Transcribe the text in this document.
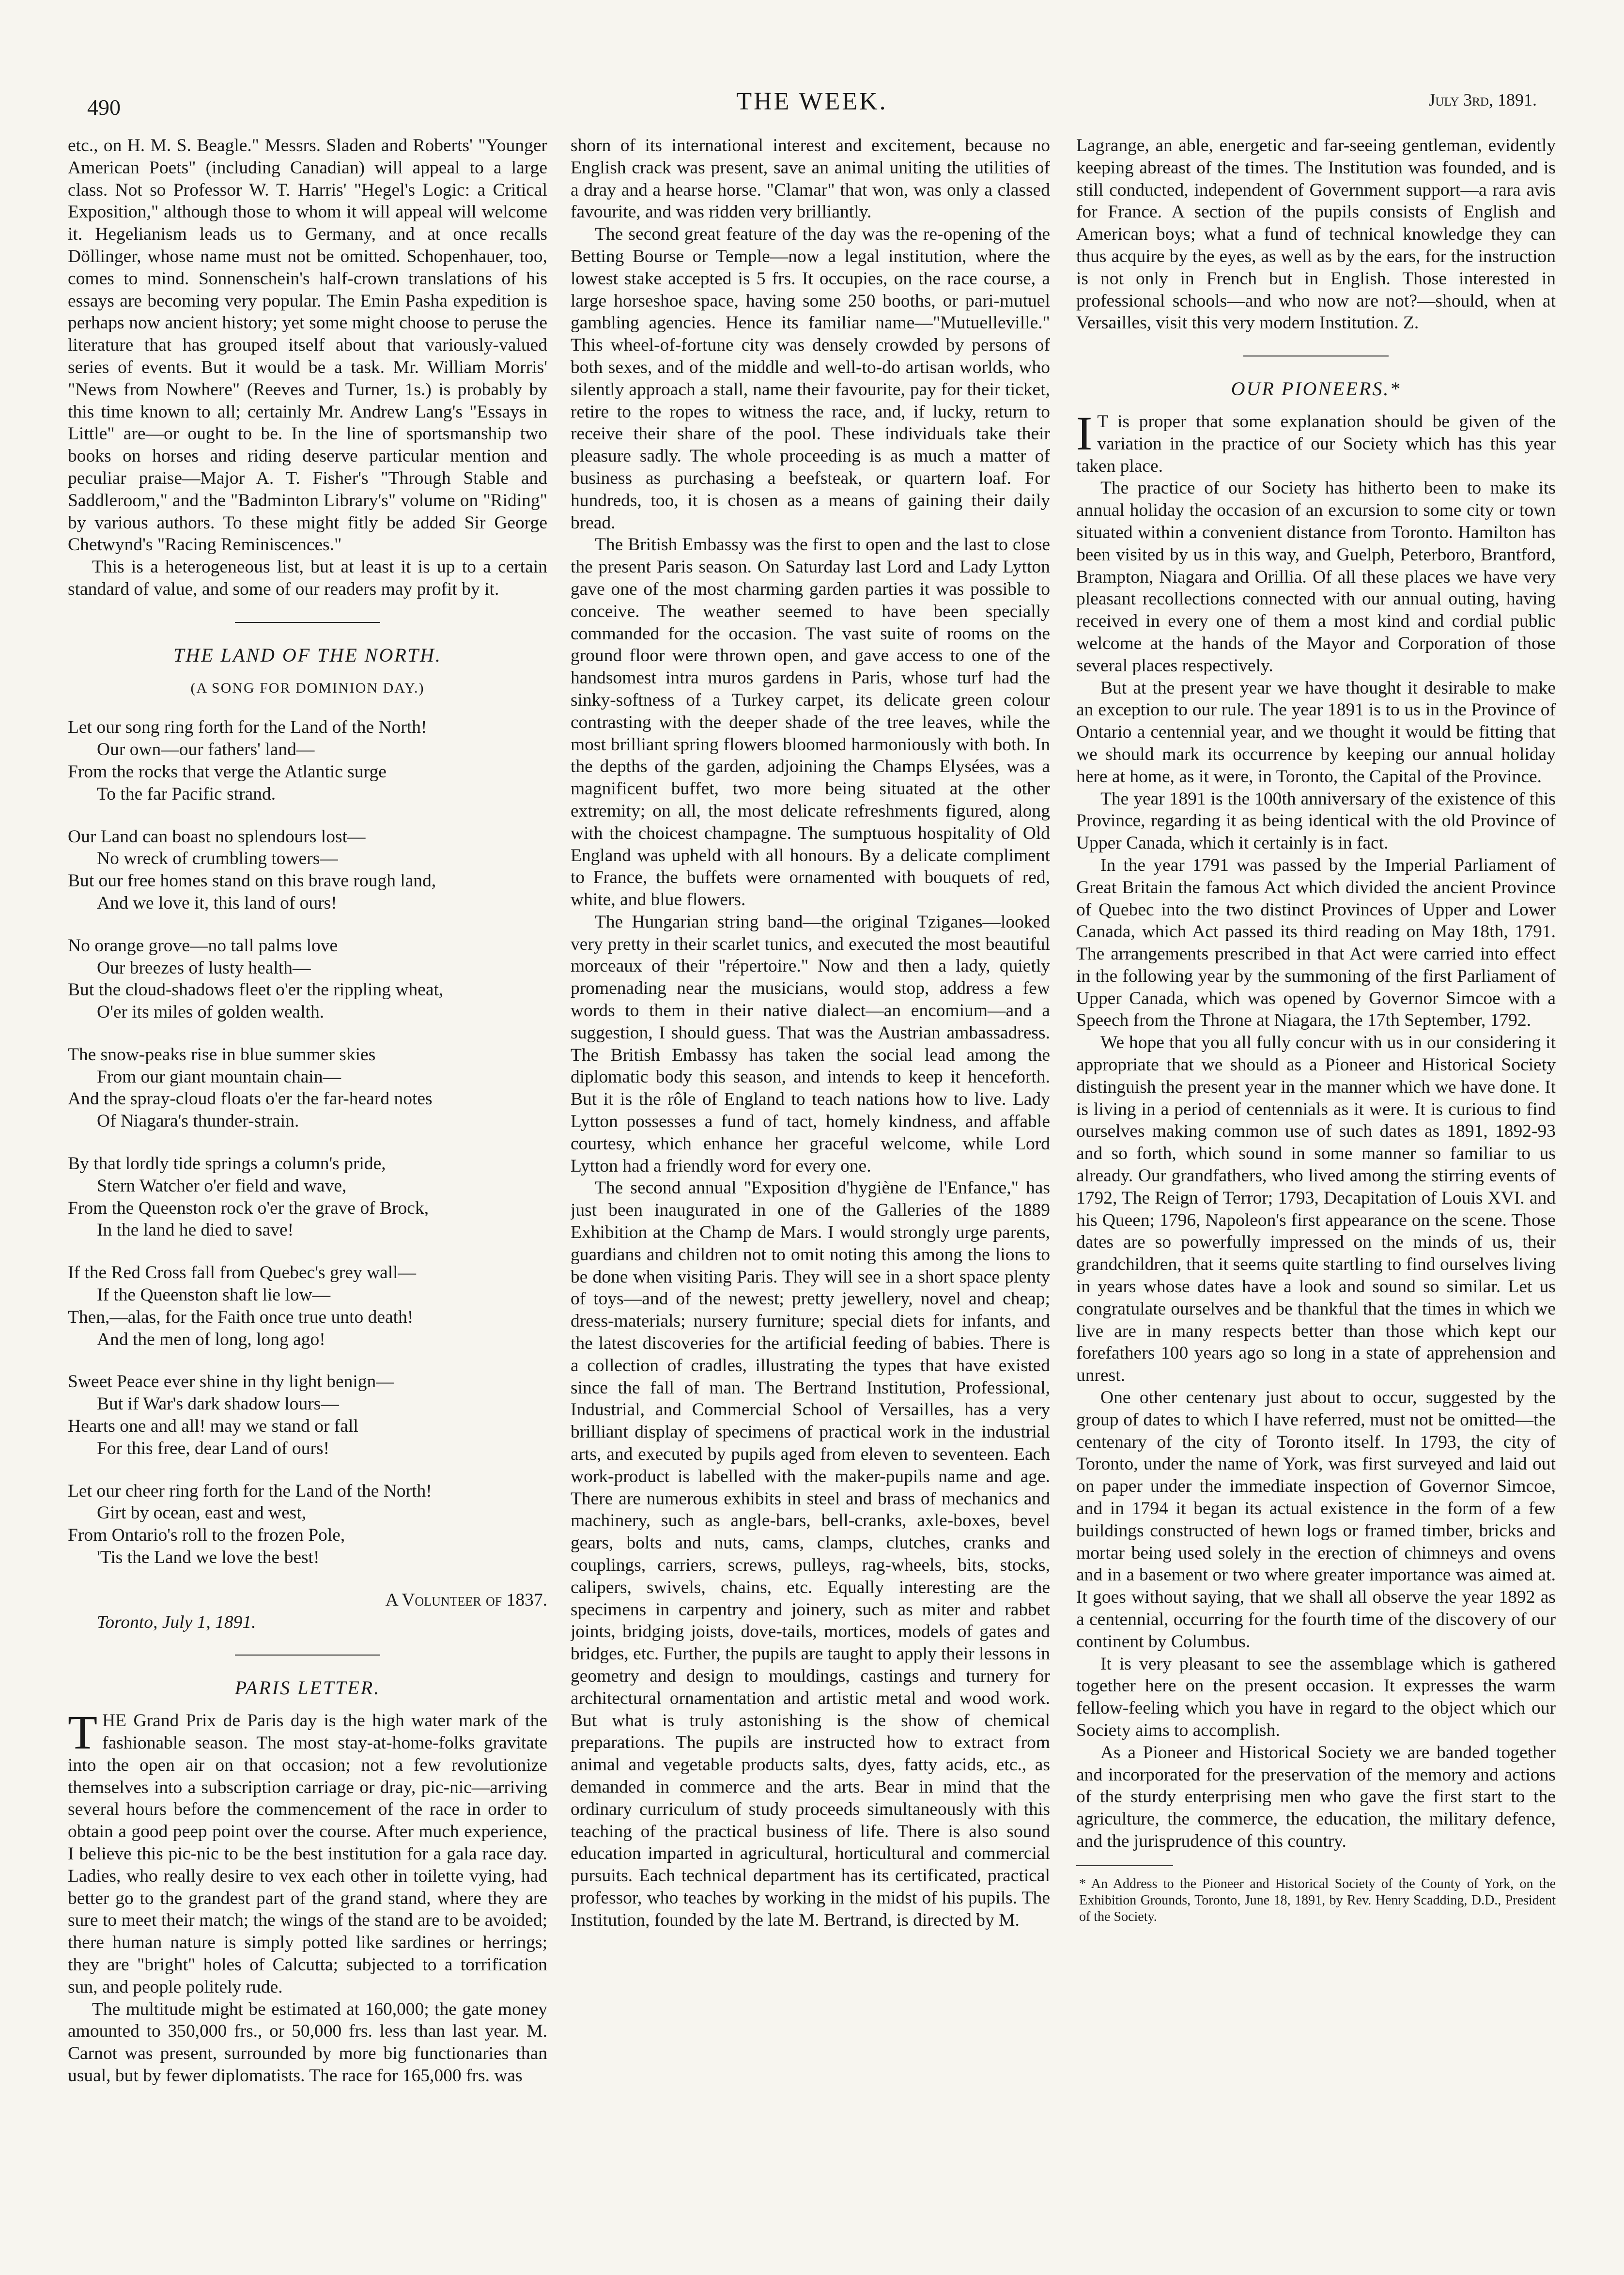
490	THE WEEK.	July 3rd, 1891.

etc., on H. M. S. Beagle." Messrs. Sladen and Roberts' "Younger American Poets" (including Canadian) will appeal to a large class. Not so Professor W. T. Harris' "Hegel's Logic: a Critical Exposition," although those to whom it will appeal will welcome it. Hegelianism leads us to Germany, and at once recalls Döllinger, whose name must not be omitted. Schopenhauer, too, comes to mind. Sonnenschein's half-crown translations of his essays are becoming very popular. The Emin Pasha expedition is perhaps now ancient history; yet some might choose to peruse the literature that has grouped itself about that variously-valued series of events. But it would be a task. Mr. William Morris' "News from Nowhere" (Reeves and Turner, 1s.) is probably by this time known to all; certainly Mr. Andrew Lang's "Essays in Little" are—or ought to be. In the line of sportsmanship two books on horses and riding deserve particular mention and peculiar praise—Major A. T. Fisher's "Through Stable and Saddleroom," and the "Badminton Library's" volume on "Riding" by various authors. To these might fitly be added Sir George Chetwynd's "Racing Reminiscences."

This is a heterogeneous list, but at least it is up to a certain standard of value, and some of our readers may profit by it.

THE LAND OF THE NORTH.
(A SONG FOR DOMINION DAY.)
Let our song ring forth for the Land of the North!
Our own—our fathers' land—
From the rocks that verge the Atlantic surge
To the far Pacific strand.
Our Land can boast no splendours lost—
No wreck of crumbling towers—
But our free homes stand on this brave rough land,
And we love it, this land of ours!
No orange grove—no tall palms love
Our breezes of lusty health—
But the cloud-shadows fleet o'er the rippling wheat,
O'er its miles of golden wealth.
The snow-peaks rise in blue summer skies
From our giant mountain chain—
And the spray-cloud floats o'er the far-heard notes
Of Niagara's thunder-strain.
By that lordly tide springs a column's pride,
Stern Watcher o'er field and wave,
From the Queenston rock o'er the grave of Brock,
In the land he died to save!
If the Red Cross fall from Quebec's grey wall—
If the Queenston shaft lie low—
Then,—alas, for the Faith once true unto death!
And the men of long, long ago!
Sweet Peace ever shine in thy light benign—
But if War's dark shadow lours—
Hearts one and all! may we stand or fall
For this free, dear Land of ours!
Let our cheer ring forth for the Land of the North!
Girt by ocean, east and west,
From Ontario's roll to the frozen Pole,
'Tis the Land we love the best!
A Volunteer of 1837.
Toronto, July 1, 1891.
PARIS LETTER.

THE Grand Prix de Paris day is the high water mark of the fashionable season. The most stay-at-home-folks gravitate into the open air on that occasion; not a few revolutionize themselves into a subscription carriage or dray, pic-nic—arriving several hours before the commencement of the race in order to obtain a good peep point over the course. After much experience, I believe this pic-nic to be the best institution for a gala race day. Ladies, who really desire to vex each other in toilette vying, had better go to the grandest part of the grand stand, where they are sure to meet their match; the wings of the stand are to be avoided; there human nature is simply potted like sardines or herrings; they are "bright" holes of Calcutta; subjected to a torrification sun, and people politely rude.

The multitude might be estimated at 160,000; the gate money amounted to 350,000 frs., or 50,000 frs. less than last year. M. Carnot was present, surrounded by more big functionaries than usual, but by fewer diplomatists. The race for 165,000 frs. was

shorn of its international interest and excitement, because no English crack was present, save an animal uniting the utilities of a dray and a hearse horse. "Clamar" that won, was only a classed favourite, and was ridden very brilliantly.

The second great feature of the day was the re-opening of the Betting Bourse or Temple—now a legal institution, where the lowest stake accepted is 5 frs. It occupies, on the race course, a large horseshoe space, having some 250 booths, or pari-mutuel gambling agencies. Hence its familiar name—"Mutuelleville." This wheel-of-fortune city was densely crowded by persons of both sexes, and of the middle and well-to-do artisan worlds, who silently approach a stall, name their favourite, pay for their ticket, retire to the ropes to witness the race, and, if lucky, return to receive their share of the pool. These individuals take their pleasure sadly. The whole proceeding is as much a matter of business as purchasing a beefsteak, or quartern loaf. For hundreds, too, it is chosen as a means of gaining their daily bread.

The British Embassy was the first to open and the last to close the present Paris season. On Saturday last Lord and Lady Lytton gave one of the most charming garden parties it was possible to conceive. The weather seemed to have been specially commanded for the occasion. The vast suite of rooms on the ground floor were thrown open, and gave access to one of the handsomest intra muros gardens in Paris, whose turf had the sinky-softness of a Turkey carpet, its delicate green colour contrasting with the deeper shade of the tree leaves, while the most brilliant spring flowers bloomed harmoniously with both. In the depths of the garden, adjoining the Champs Elysées, was a magnificent buffet, two more being situated at the other extremity; on all, the most delicate refreshments figured, along with the choicest champagne. The sumptuous hospitality of Old England was upheld with all honours. By a delicate compliment to France, the buffets were ornamented with bouquets of red, white, and blue flowers.

The Hungarian string band—the original Tziganes—looked very pretty in their scarlet tunics, and executed the most beautiful morceaux of their "répertoire." Now and then a lady, quietly promenading near the musicians, would stop, address a few words to them in their native dialect—an encomium—and a suggestion, I should guess. That was the Austrian ambassadress. The British Embassy has taken the social lead among the diplomatic body this season, and intends to keep it henceforth. But it is the rôle of England to teach nations how to live. Lady Lytton possesses a fund of tact, homely kindness, and affable courtesy, which enhance her graceful welcome, while Lord Lytton had a friendly word for every one.

The second annual "Exposition d'hygiène de l'Enfance," has just been inaugurated in one of the Galleries of the 1889 Exhibition at the Champ de Mars. I would strongly urge parents, guardians and children not to omit noting this among the lions to be done when visiting Paris. They will see in a short space plenty of toys—and of the newest; pretty jewellery, novel and cheap; dress-materials; nursery furniture; special diets for infants, and the latest discoveries for the artificial feeding of babies. There is a collection of cradles, illustrating the types that have existed since the fall of man. The Bertrand Institution, Professional, Industrial, and Commercial School of Versailles, has a very brilliant display of specimens of practical work in the industrial arts, and executed by pupils aged from eleven to seventeen. Each work-product is labelled with the maker-pupils name and age. There are numerous exhibits in steel and brass of mechanics and machinery, such as angle-bars, bell-cranks, axle-boxes, bevel gears, bolts and nuts, cams, clamps, clutches, cranks and couplings, carriers, screws, pulleys, rag-wheels, bits, stocks, calipers, swivels, chains, etc. Equally interesting are the specimens in carpentry and joinery, such as miter and rabbet joints, bridging joists, dove-tails, mortices, models of gates and bridges, etc. Further, the pupils are taught to apply their lessons in geometry and design to mouldings, castings and turnery for architectural ornamentation and artistic metal and wood work. But what is truly astonishing is the show of chemical preparations. The pupils are instructed how to extract from animal and vegetable products salts, dyes, fatty acids, etc., as demanded in commerce and the arts. Bear in mind that the ordinary curriculum of study proceeds simultaneously with this teaching of the practical business of life. There is also sound education imparted in agricultural, horticultural and commercial pursuits. Each technical department has its certificated, practical professor, who teaches by working in the midst of his pupils. The Institution, founded by the late M. Bertrand, is directed by M.

Lagrange, an able, energetic and far-seeing gentleman, evidently keeping abreast of the times. The Institution was founded, and is still conducted, independent of Government support—a rara avis for France. A section of the pupils consists of English and American boys; what a fund of technical knowledge they can thus acquire by the eyes, as well as by the ears, for the instruction is not only in French but in English. Those interested in professional schools—and who now are not?—should, when at Versailles, visit this very modern Institution. Z.

OUR PIONEERS.*

I T is proper that some explanation should be given of the variation in the practice of our Society which has this year taken place.

The practice of our Society has hitherto been to make its annual holiday the occasion of an excursion to some city or town situated within a convenient distance from Toronto. Hamilton has been visited by us in this way, and Guelph, Peterboro, Brantford, Brampton, Niagara and Orillia. Of all these places we have very pleasant recollections connected with our annual outing, having received in every one of them a most kind and cordial public welcome at the hands of the Mayor and Corporation of those several places respectively.

But at the present year we have thought it desirable to make an exception to our rule. The year 1891 is to us in the Province of Ontario a centennial year, and we thought it would be fitting that we should mark its occurrence by keeping our annual holiday here at home, as it were, in Toronto, the Capital of the Province.

The year 1891 is the 100th anniversary of the existence of this Province, regarding it as being identical with the old Province of Upper Canada, which it certainly is in fact.

In the year 1791 was passed by the Imperial Parliament of Great Britain the famous Act which divided the ancient Province of Quebec into the two distinct Provinces of Upper and Lower Canada, which Act passed its third reading on May 18th, 1791. The arrangements prescribed in that Act were carried into effect in the following year by the summoning of the first Parliament of Upper Canada, which was opened by Governor Simcoe with a Speech from the Throne at Niagara, the 17th September, 1792.

We hope that you all fully concur with us in our considering it appropriate that we should as a Pioneer and Historical Society distinguish the present year in the manner which we have done. It is living in a period of centennials as it were. It is curious to find ourselves making common use of such dates as 1891, 1892-93 and so forth, which sound in some manner so familiar to us already. Our grandfathers, who lived among the stirring events of 1792, The Reign of Terror; 1793, Decapitation of Louis XVI. and his Queen; 1796, Napoleon's first appearance on the scene. Those dates are so powerfully impressed on the minds of us, their grandchildren, that it seems quite startling to find ourselves living in years whose dates have a look and sound so similar. Let us congratulate ourselves and be thankful that the times in which we live are in many respects better than those which kept our forefathers 100 years ago so long in a state of apprehension and unrest.

One other centenary just about to occur, suggested by the group of dates to which I have referred, must not be omitted—the centenary of the city of Toronto itself. In 1793, the city of Toronto, under the name of York, was first surveyed and laid out on paper under the immediate inspection of Governor Simcoe, and in 1794 it began its actual existence in the form of a few buildings constructed of hewn logs or framed timber, bricks and mortar being used solely in the erection of chimneys and ovens and in a basement or two where greater importance was aimed at. It goes without saying, that we shall all observe the year 1892 as a centennial, occurring for the fourth time of the discovery of our continent by Columbus.

It is very pleasant to see the assemblage which is gathered together here on the present occasion. It expresses the warm fellow-feeling which you have in regard to the object which our Society aims to accomplish.

As a Pioneer and Historical Society we are banded together and incorporated for the preservation of the memory and actions of the sturdy enterprising men who gave the first start to the agriculture, the commerce, the education, the military defence, and the jurisprudence of this country.

* An Address to the Pioneer and Historical Society of the County of York, on the Exhibition Grounds, Toronto, June 18, 1891, by Rev. Henry Scadding, D.D., President of the Society.
